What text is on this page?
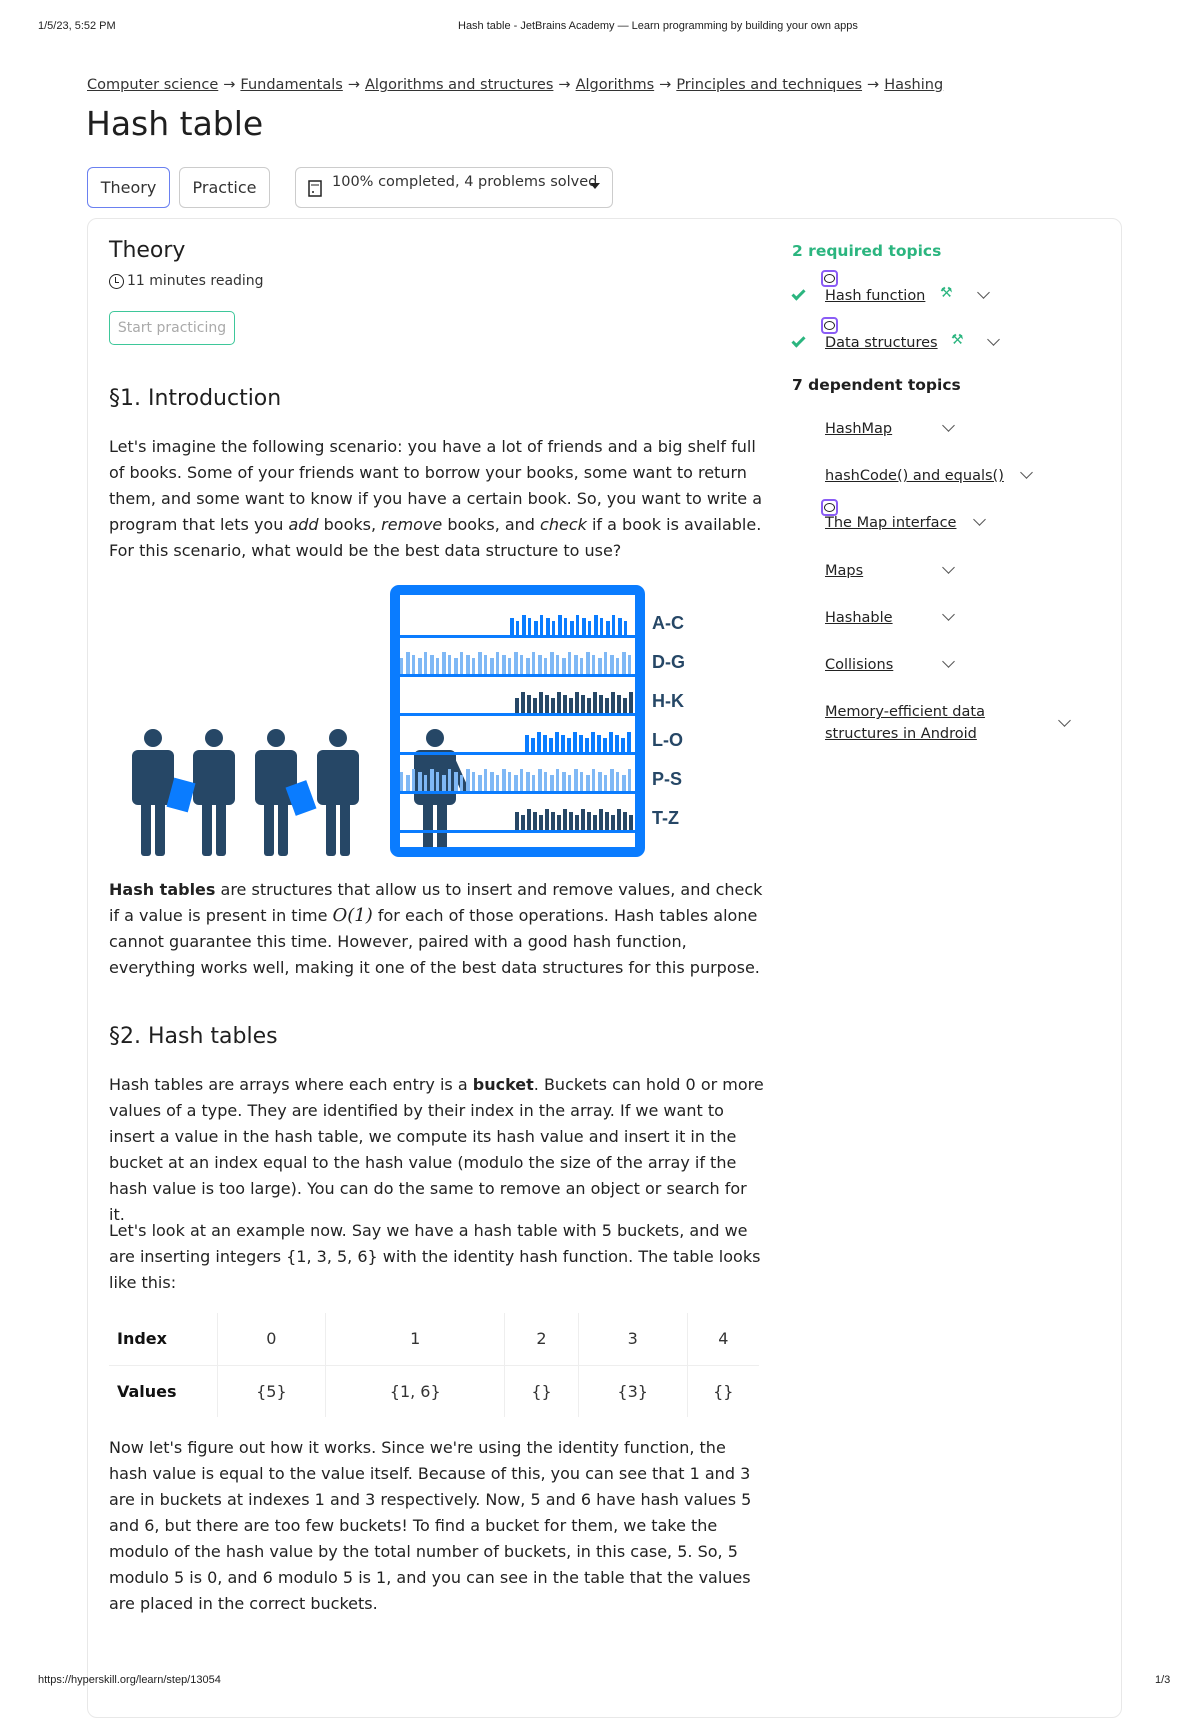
1/5/23, 5:52 PM	Hash table - JetBrains Academy — Learn programming by building your own apps
Computer science → Fundamentals → Algorithms and structures → Algorithms → Principles and techniques → Hashing
Hash table
Theory	Practice	100% completed, 4 problems solved
Theory
11 minutes reading
Start practicing
§1. Introduction

Let's imagine the following scenario: you have a lot of friends and a big shelf full of books. Some of your friends want to borrow your books, some want to return them, and some want to know if you have a certain book. So, you want to write a program that lets you add books, remove books, and check if a book is available. For this scenario, what would be the best data structure to use?

A-C
D-G
H-K
L-O
P-S
T-Z

Hash tables are structures that allow us to insert and remove values, and check if a value is present in time O(1) for each of those operations. Hash tables alone cannot guarantee this time. However, paired with a good hash function, everything works well, making it one of the best data structures for this purpose.

§2. Hash tables

Hash tables are arrays where each entry is a bucket. Buckets can hold 0 or more values of a type. They are identified by their index in the array. If we want to insert a value in the hash table, we compute its hash value and insert it in the bucket at an index equal to the hash value (modulo the size of the array if the hash value is too large). You can do the same to remove an object or search for it.

Let's look at an example now. Say we have a hash table with 5 buckets, and we are inserting integers {1, 3, 5, 6} with the identity hash function. The table looks like this:

Index	0	1	2	3	4
Values	{5}	{1, 6}	{}	{3}	{}

Now let's figure out how it works. Since we're using the identity function, the hash value is equal to the value itself. Because of this, you can see that 1 and 3 are in buckets at indexes 1 and 3 respectively. Now, 5 and 6 have hash values 5 and 6, but there are too few buckets! To find a bucket for them, we take the modulo of the hash value by the total number of buckets, in this case, 5. So, 5 modulo 5 is 0, and 6 modulo 5 is 1, and you can see in the table that the values are placed in the correct buckets.

2 required topics
Hash function ⚒
Data structures ⚒
7 dependent topics
HashMap
hashCode() and equals()
The Map interface
Maps
Hashable
Collisions
Memory-efficient data structures in Android
https://hyperskill.org/learn/step/13054	1/3
